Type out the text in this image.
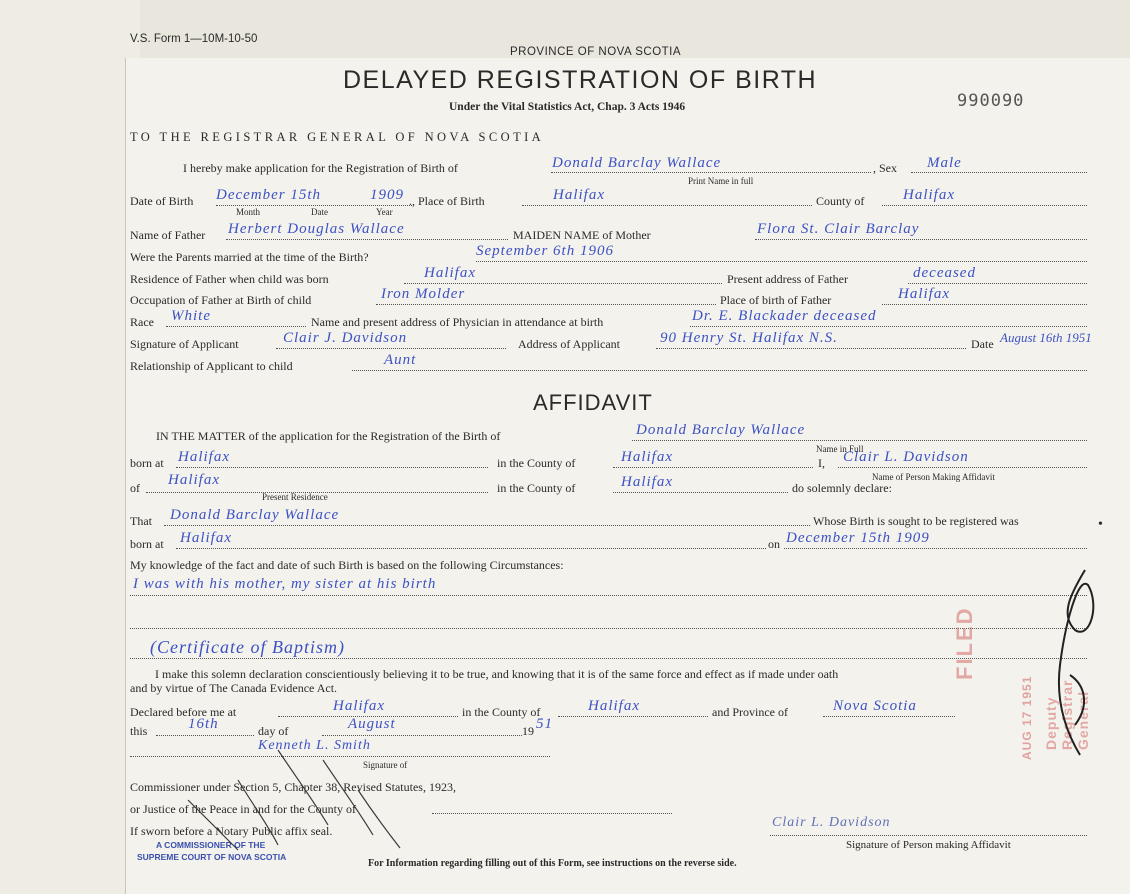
V.S. Form 1—10M-10-50
PROVINCE OF NOVA SCOTIA
DELAYED REGISTRATION OF BIRTH
Under the Vital Statistics Act, Chap. 3 Acts 1946	990090
TO THE REGISTRAR GENERAL OF NOVA SCOTIA
I hereby make application for the Registration of Birth of	Donald Barclay Wallace	, Sex Male
Print Name in full
Date of Birth December 15th	1909
Month	Date	Year
., Place of Birth	Halifax	County of	Halifax
Name of Father Herbert Douglas Wallace	MAIDEN NAME of Mother	Flora St. Clair Barclay
Were the Parents married at the time of the Birth?	September 6th 1906
Residence of Father when child was born	Halifax	Present address of Father	deceased
Occupation of Father at Birth of child	Iron Molder	Place of birth of Father	Halifax
Race White	Name and present address of Physician in attendance at birth	Dr. E. Blackader deceased
Signature of Applicant	Clair J. Davidson	Address of Applicant	90 Henry St. Halifax N.S.	Date August 16th 1951
Relationship of Applicant to child	Aunt
AFFIDAVIT
IN THE MATTER of the application for the Registration of the Birth of	Donald Barclay Wallace
Name in Full
born at Halifax	in the County of	Halifax	I, Clair L. Davidson
Name of Person Making Affidavit
of Halifax
Present Residence
in the County of	Halifax	do solemnly declare:
That Donald Barclay Wallace	Whose Birth is sought to be registered was
born at Halifax	on December 15th 1909
My knowledge of the fact and date of such Birth is based on the following Circumstances:
I was with his mother, my sister at his birth
(Certificate of Baptism)
I make this solemn declaration conscientiously believing it to be true, and knowing that it is of the same force and effect as if made under oath
and by virtue of The Canada Evidence Act.
Declared before me at	Halifax	in the County of	Halifax	and Province of	Nova Scotia
this	16th	day of	August	19 51
Kenneth L. Smith
Signature of
Commissioner under Section 5, Chapter 38, Revised Statutes, 1923,
or Justice of the Peace in and for the County of
If sworn before a Notary Public affix seal.
Clair L. Davidson
Signature of Person making Affidavit
A COMMISSIONER OF THE
SUPREME COURT OF NOVA SCOTIA
For Information regarding filling out of this Form, see instructions on the reverse side.
FILED
AUG 17 1951 Deputy Registrar General
•
